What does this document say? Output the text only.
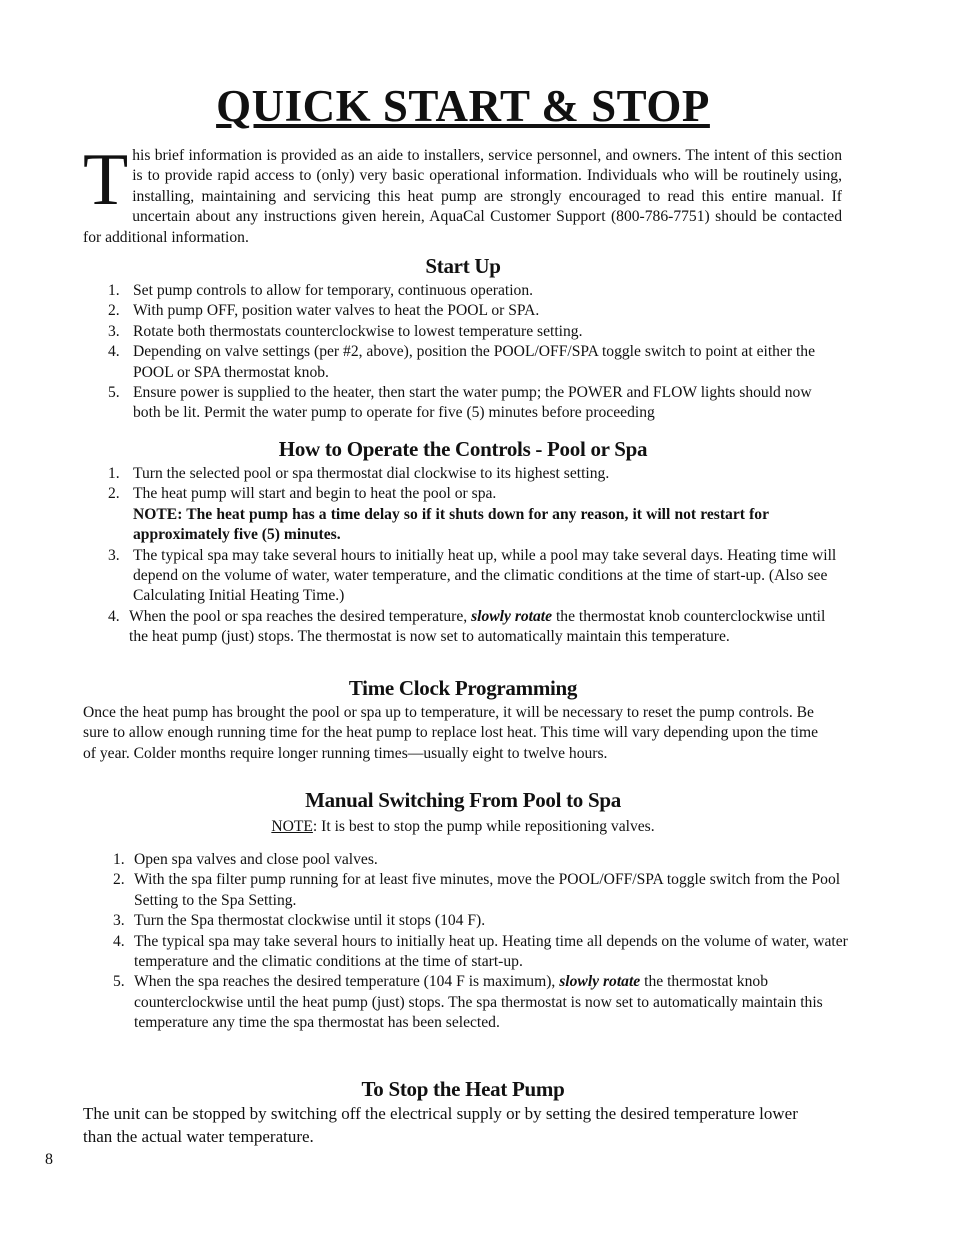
QUICK START & STOP
This brief information is provided as an aide to installers, service personnel, and owners. The intent of this section is to provide rapid access to (only) very basic operational information. Individuals who will be routinely using, installing, maintaining and servicing this heat pump are strongly encouraged to read this entire manual. If uncertain about any instructions given herein, AquaCal Customer Support (800-786-7751) should be contacted for additional information.
Start Up
1. Set pump controls to allow for temporary, continuous operation.
2. With pump OFF, position water valves to heat the POOL or SPA.
3. Rotate both thermostats counterclockwise to lowest temperature setting.
4. Depending on valve settings (per #2, above), position the POOL/OFF/SPA toggle switch to point at either the POOL or SPA thermostat knob.
5. Ensure power is supplied to the heater, then start the water pump; the POWER and FLOW lights should now both be lit. Permit the water pump to operate for five (5) minutes before proceeding
How to Operate the Controls - Pool or Spa
1. Turn the selected pool or spa thermostat dial clockwise to its highest setting.
2. The heat pump will start and begin to heat the pool or spa.
NOTE: The heat pump has a time delay so if it shuts down for any reason, it will not restart for approximately five (5) minutes.
3. The typical spa may take several hours to initially heat up, while a pool may take several days. Heating time will depend on the volume of water, water temperature, and the climatic conditions at the time of start-up. (Also see Calculating Initial Heating Time.)
4. When the pool or spa reaches the desired temperature, slowly rotate the thermostat knob counterclockwise until the heat pump (just) stops. The thermostat is now set to automatically maintain this temperature.
Time Clock Programming
Once the heat pump has brought the pool or spa up to temperature, it will be necessary to reset the pump controls. Be sure to allow enough running time for the heat pump to replace lost heat. This time will vary depending upon the time of year. Colder months require longer running times—usually eight to twelve hours.
Manual Switching From Pool to Spa
NOTE: It is best to stop the pump while repositioning valves.
1. Open spa valves and close pool valves.
2. With the spa filter pump running for at least five minutes, move the POOL/OFF/SPA toggle switch from the Pool Setting to the Spa Setting.
3. Turn the Spa thermostat clockwise until it stops (104 F).
4. The typical spa may take several hours to initially heat up. Heating time all depends on the volume of water, water temperature and the climatic conditions at the time of start-up.
5. When the spa reaches the desired temperature (104 F is maximum), slowly rotate the thermostat knob counterclockwise until the heat pump (just) stops. The spa thermostat is now set to automatically maintain this temperature any time the spa thermostat has been selected.
To Stop the Heat Pump
The unit can be stopped by switching off the electrical supply or by setting the desired temperature lower than the actual water temperature.
8
